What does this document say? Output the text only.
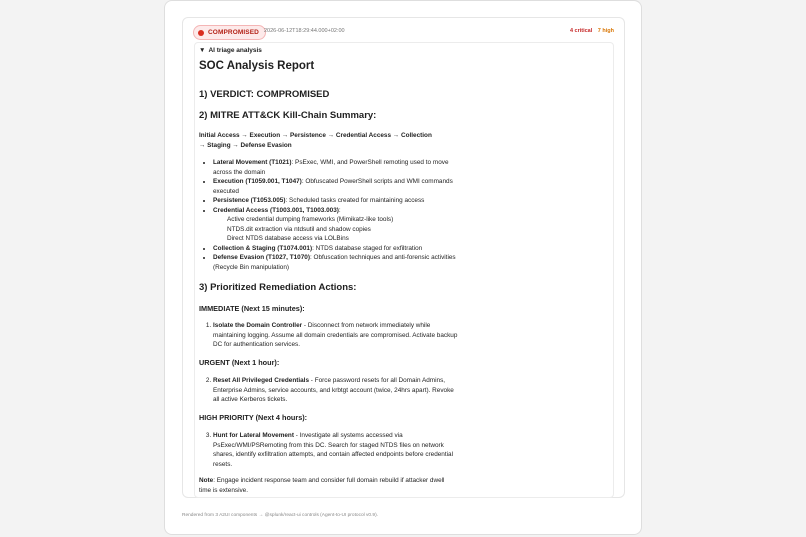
COMPROMISED 2026-06-12T18:29:44.000+02:00	4 critical 7 high
▼ AI triage analysis
SOC Analysis Report
1) VERDICT: COMPROMISED
2) MITRE ATT&CK Kill-Chain Summary:
Initial Access → Execution → Persistence → Credential Access → Collection → Staging → Defense Evasion
• Lateral Movement (T1021): PsExec, WMI, and PowerShell remoting used to move across the domain
• Execution (T1059.001, T1047): Obfuscated PowerShell scripts and WMI commands executed
• Persistence (T1053.005): Scheduled tasks created for maintaining access
• Credential Access (T1003.001, T1003.003):
Active credential dumping frameworks (Mimikatz-like tools)
NTDS.dit extraction via ntdsutil and shadow copies
Direct NTDS database access via LOLBins
• Collection & Staging (T1074.001): NTDS database staged for exfiltration
• Defense Evasion (T1027, T1070): Obfuscation techniques and anti-forensic activities (Recycle Bin manipulation)
3) Prioritized Remediation Actions:
IMMEDIATE (Next 15 minutes):
1. Isolate the Domain Controller - Disconnect from network immediately while maintaining logging. Assume all domain credentials are compromised. Activate backup DC for authentication services.
URGENT (Next 1 hour):
2. Reset All Privileged Credentials - Force password resets for all Domain Admins, Enterprise Admins, service accounts, and krbtgt account (twice, 24hrs apart). Revoke all active Kerberos tickets.
HIGH PRIORITY (Next 4 hours):
3. Hunt for Lateral Movement - Investigate all systems accessed via PsExec/WMI/PSRemoting from this DC. Search for staged NTDS files on network shares, identify exfiltration attempts, and contain affected endpoints before credential resets.
Note: Engage incident response team and consider full domain rebuild if attacker dwell time is extensive.
Rendered from 3 A2UI components → @splunk/react-ui controls (Agent-to-UI protocol v0.9).
